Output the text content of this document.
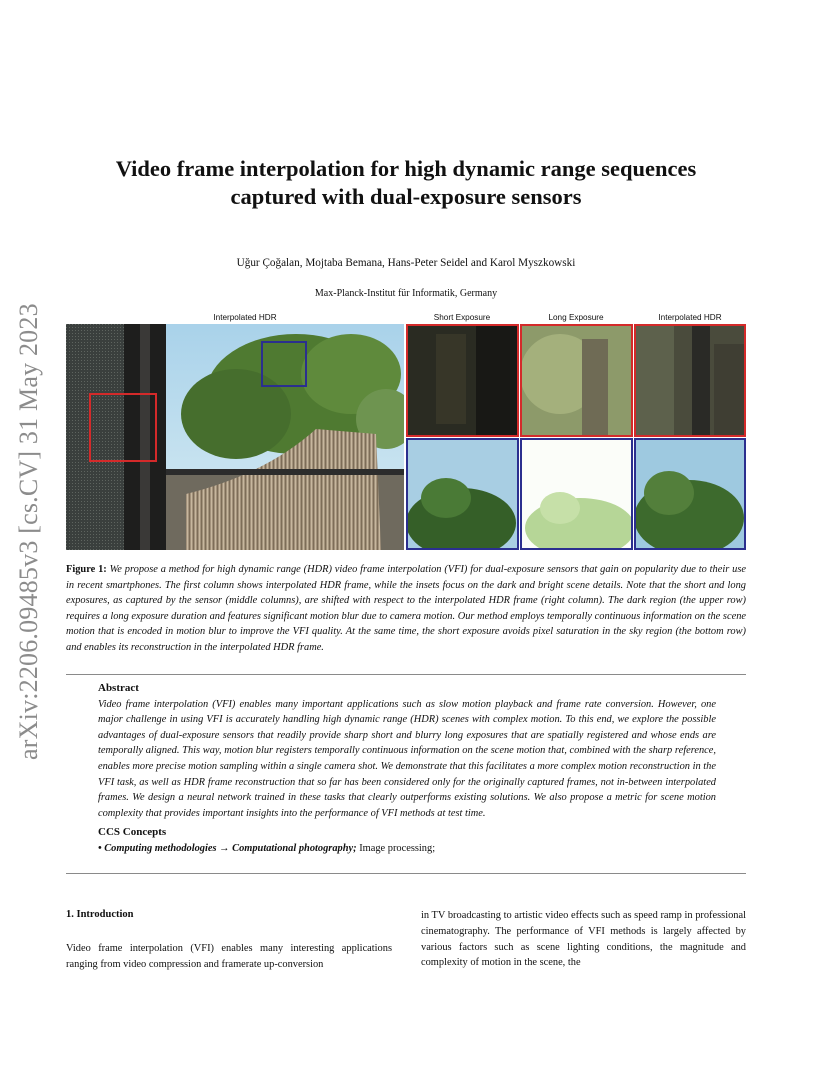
arXiv:2206.09485v3 [cs.CV] 31 May 2023
Video frame interpolation for high dynamic range sequences
captured with dual-exposure sensors
Uğur Çoğalan, Mojtaba Bemana, Hans-Peter Seidel and Karol Myszkowski
Max-Planck-Institut für Informatik, Germany
Interpolated HDR	Short Exposure	Long Exposure	Interpolated HDR
Figure 1: We propose a method for high dynamic range (HDR) video frame interpolation (VFI) for dual-exposure sensors that gain on popularity due to their use in recent smartphones. The first column shows interpolated HDR frame, while the insets focus on the dark and bright scene details. Note that the short and long exposures, as captured by the sensor (middle columns), are shifted with respect to the interpolated HDR frame (right column). The dark region (the upper row) requires a long exposure duration and features significant motion blur due to camera motion. Our method employs temporally continuous information on the scene motion that is encoded in motion blur to improve the VFI quality. At the same time, the short exposure avoids pixel saturation in the sky region (the bottom row) and enables its reconstruction in the interpolated HDR frame.
Abstract
Video frame interpolation (VFI) enables many important applications such as slow motion playback and frame rate conversion. However, one major challenge in using VFI is accurately handling high dynamic range (HDR) scenes with complex motion. To this end, we explore the possible advantages of dual-exposure sensors that readily provide sharp short and blurry long exposures that are spatially registered and whose ends are temporally aligned. This way, motion blur registers temporally continuous information on the scene motion that, combined with the sharp reference, enables more precise motion sampling within a single camera shot. We demonstrate that this facilitates a more complex motion reconstruction in the VFI task, as well as HDR frame reconstruction that so far has been considered only for the originally captured frames, not in-between interpolated frames. We design a neural network trained in these tasks that clearly outperforms existing solutions. We also propose a metric for scene motion complexity that provides important insights into the performance of VFI methods at test time.
CCS Concepts
• Computing methodologies → Computational photography; Image processing;
1. Introduction
Video frame interpolation (VFI) enables many interesting applications ranging from video compression and framerate up-conversion
in TV broadcasting to artistic video effects such as speed ramp in professional cinematography. The performance of VFI methods is largely affected by various factors such as scene lighting conditions, the magnitude and complexity of motion in the scene, the
